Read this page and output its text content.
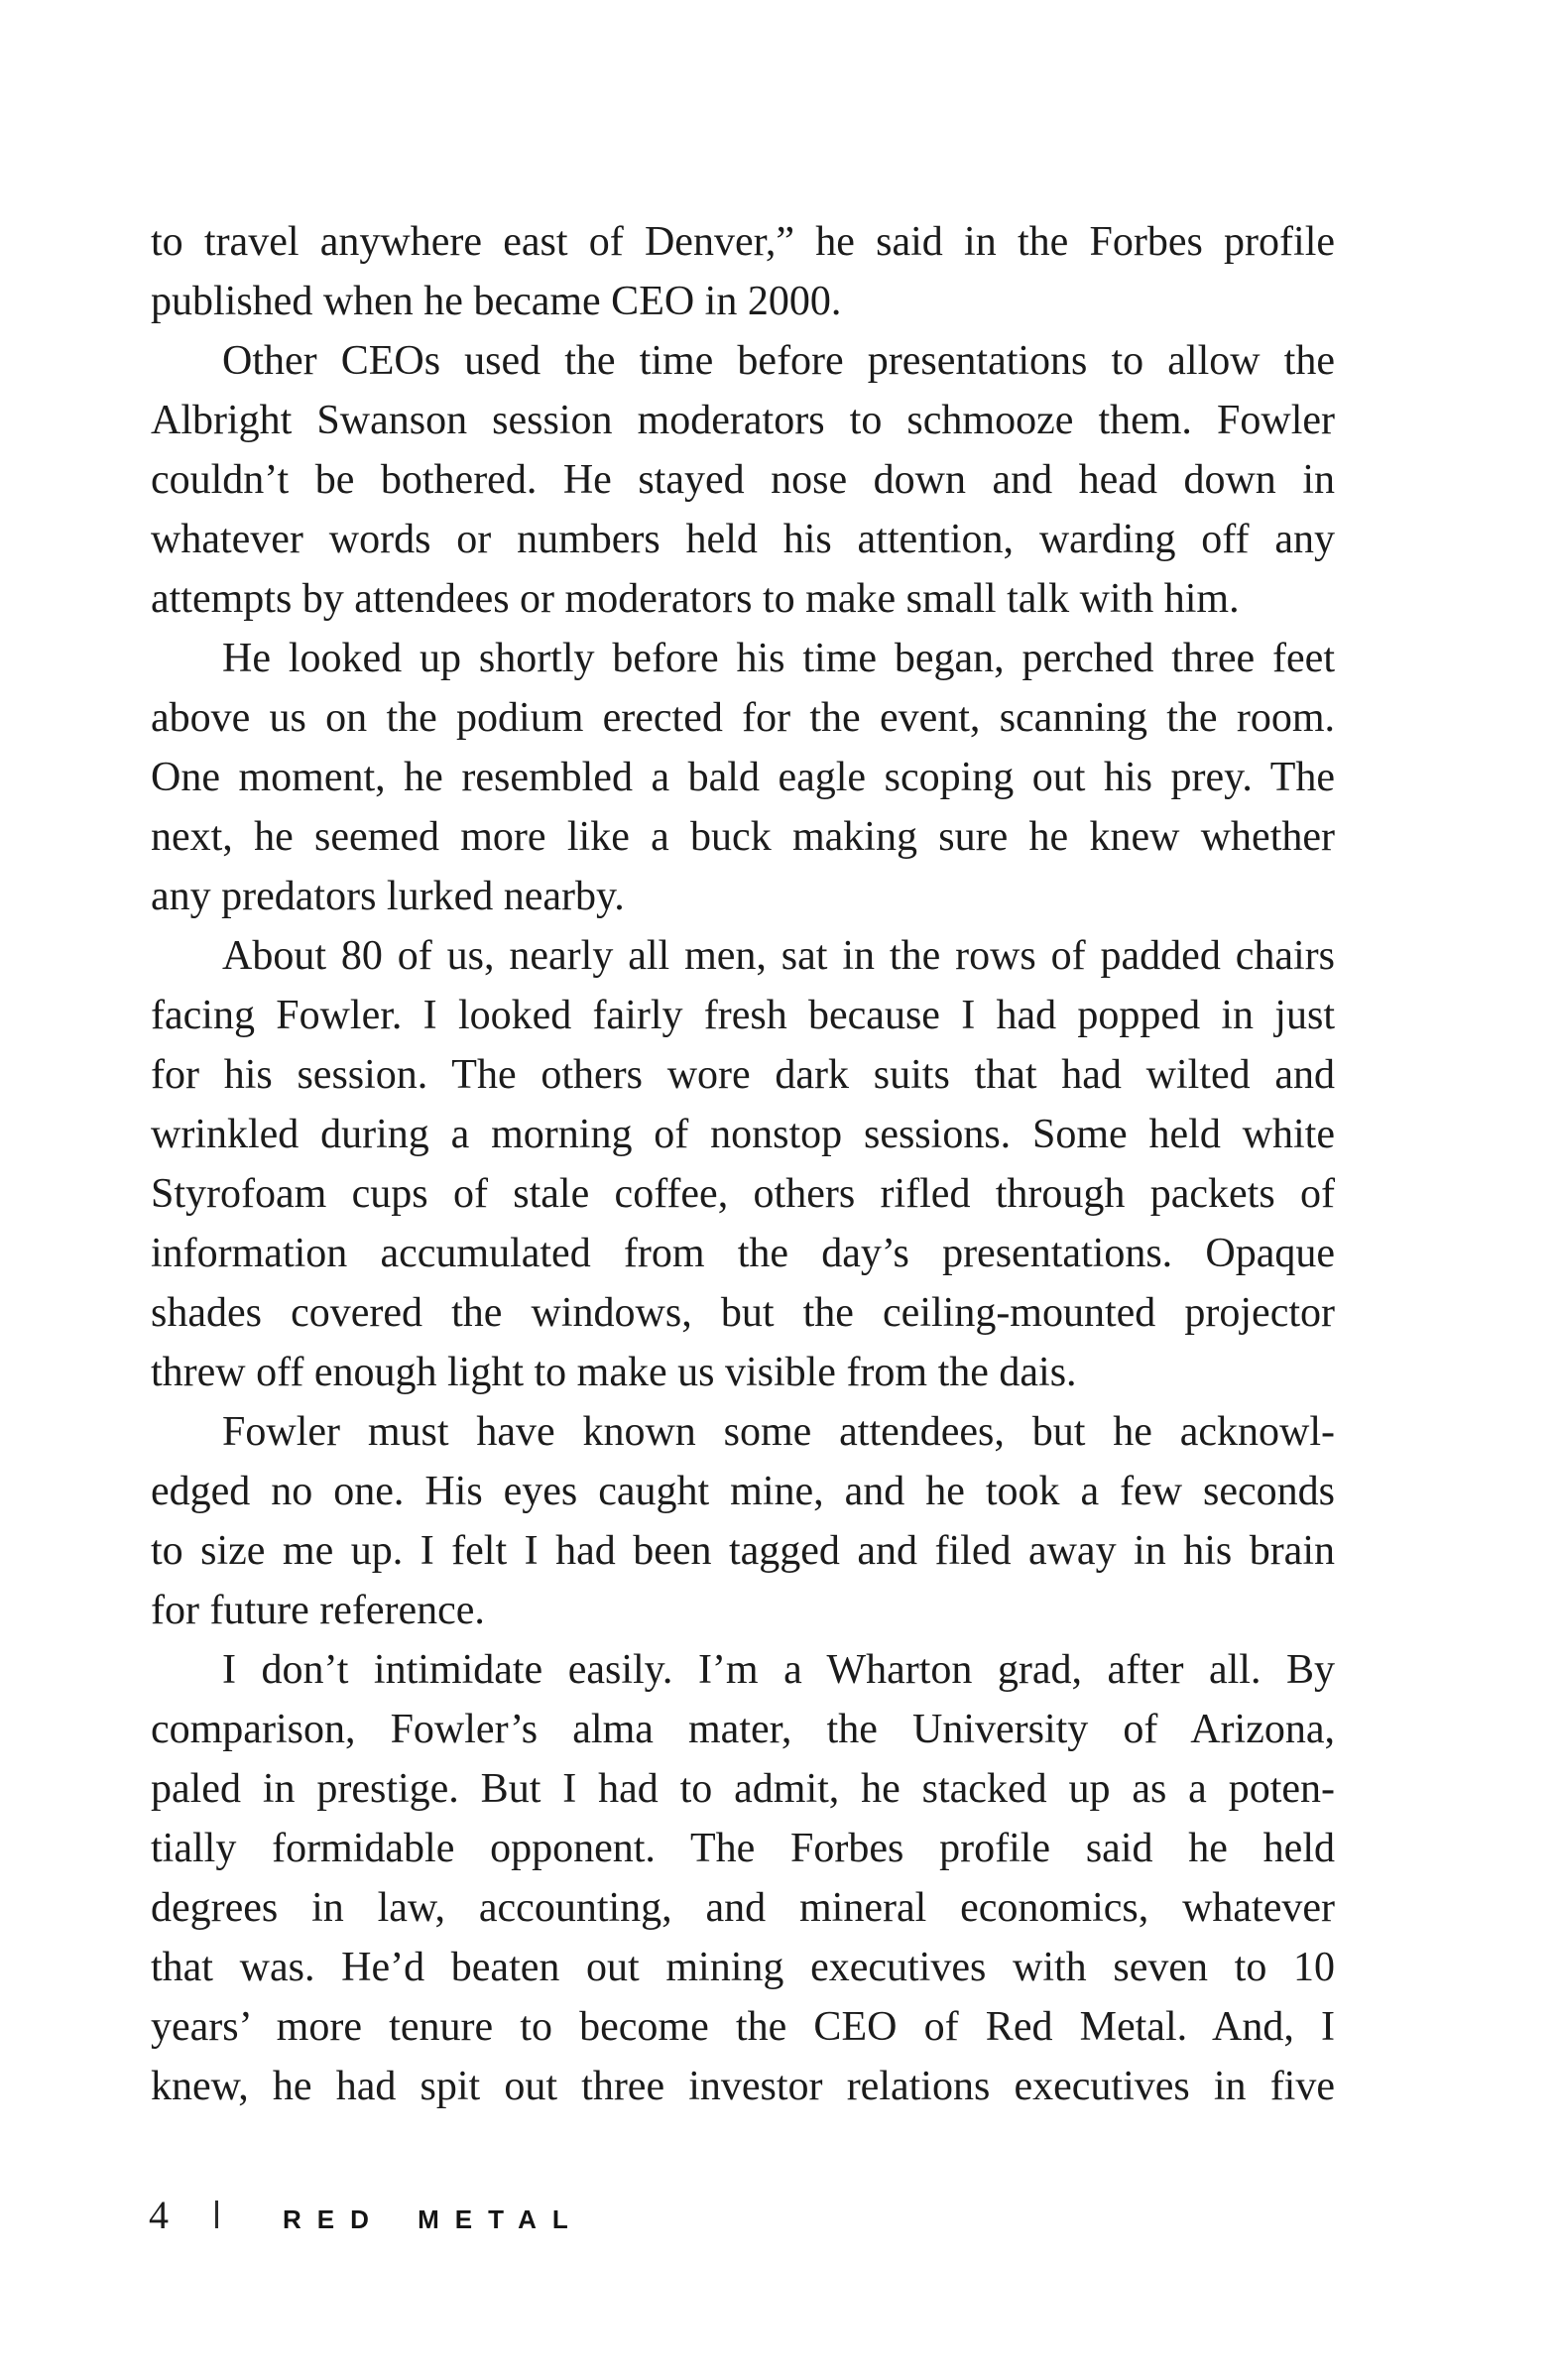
to travel anywhere east of Denver,” he said in the Forbes profile
published when he became CEO in 2000.
Other CEOs used the time before presentations to allow the
Albright Swanson session moderators to schmooze them. Fowler
couldn’t be bothered. He stayed nose down and head down in
whatever words or numbers held his attention, warding off any
attempts by attendees or moderators to make small talk with him.
He looked up shortly before his time began, perched three feet
above us on the podium erected for the event, scanning the room.
One moment, he resembled a bald eagle scoping out his prey. The
next, he seemed more like a buck making sure he knew whether
any predators lurked nearby.
About 80 of us, nearly all men, sat in the rows of padded chairs
facing Fowler. I looked fairly fresh because I had popped in just
for his session. The others wore dark suits that had wilted and
wrinkled during a morning of nonstop sessions. Some held white
Styrofoam cups of stale coffee, others rifled through packets of
information accumulated from the day’s presentations. Opaque
shades covered the windows, but the ceiling-mounted projector
threw off enough light to make us visible from the dais.
Fowler must have known some attendees, but he acknowl-
edged no one. His eyes caught mine, and he took a few seconds
to size me up. I felt I had been tagged and filed away in his brain
for future reference.
I don’t intimidate easily. I’m a Wharton grad, after all. By
comparison, Fowler’s alma mater, the University of Arizona,
paled in prestige. But I had to admit, he stacked up as a poten-
tially formidable opponent. The Forbes profile said he held
degrees in law, accounting, and mineral economics, whatever
that was. He’d beaten out mining executives with seven to 10
years’ more tenure to become the CEO of Red Metal. And, I
knew, he had spit out three investor relations executives in five
4	RED METAL
